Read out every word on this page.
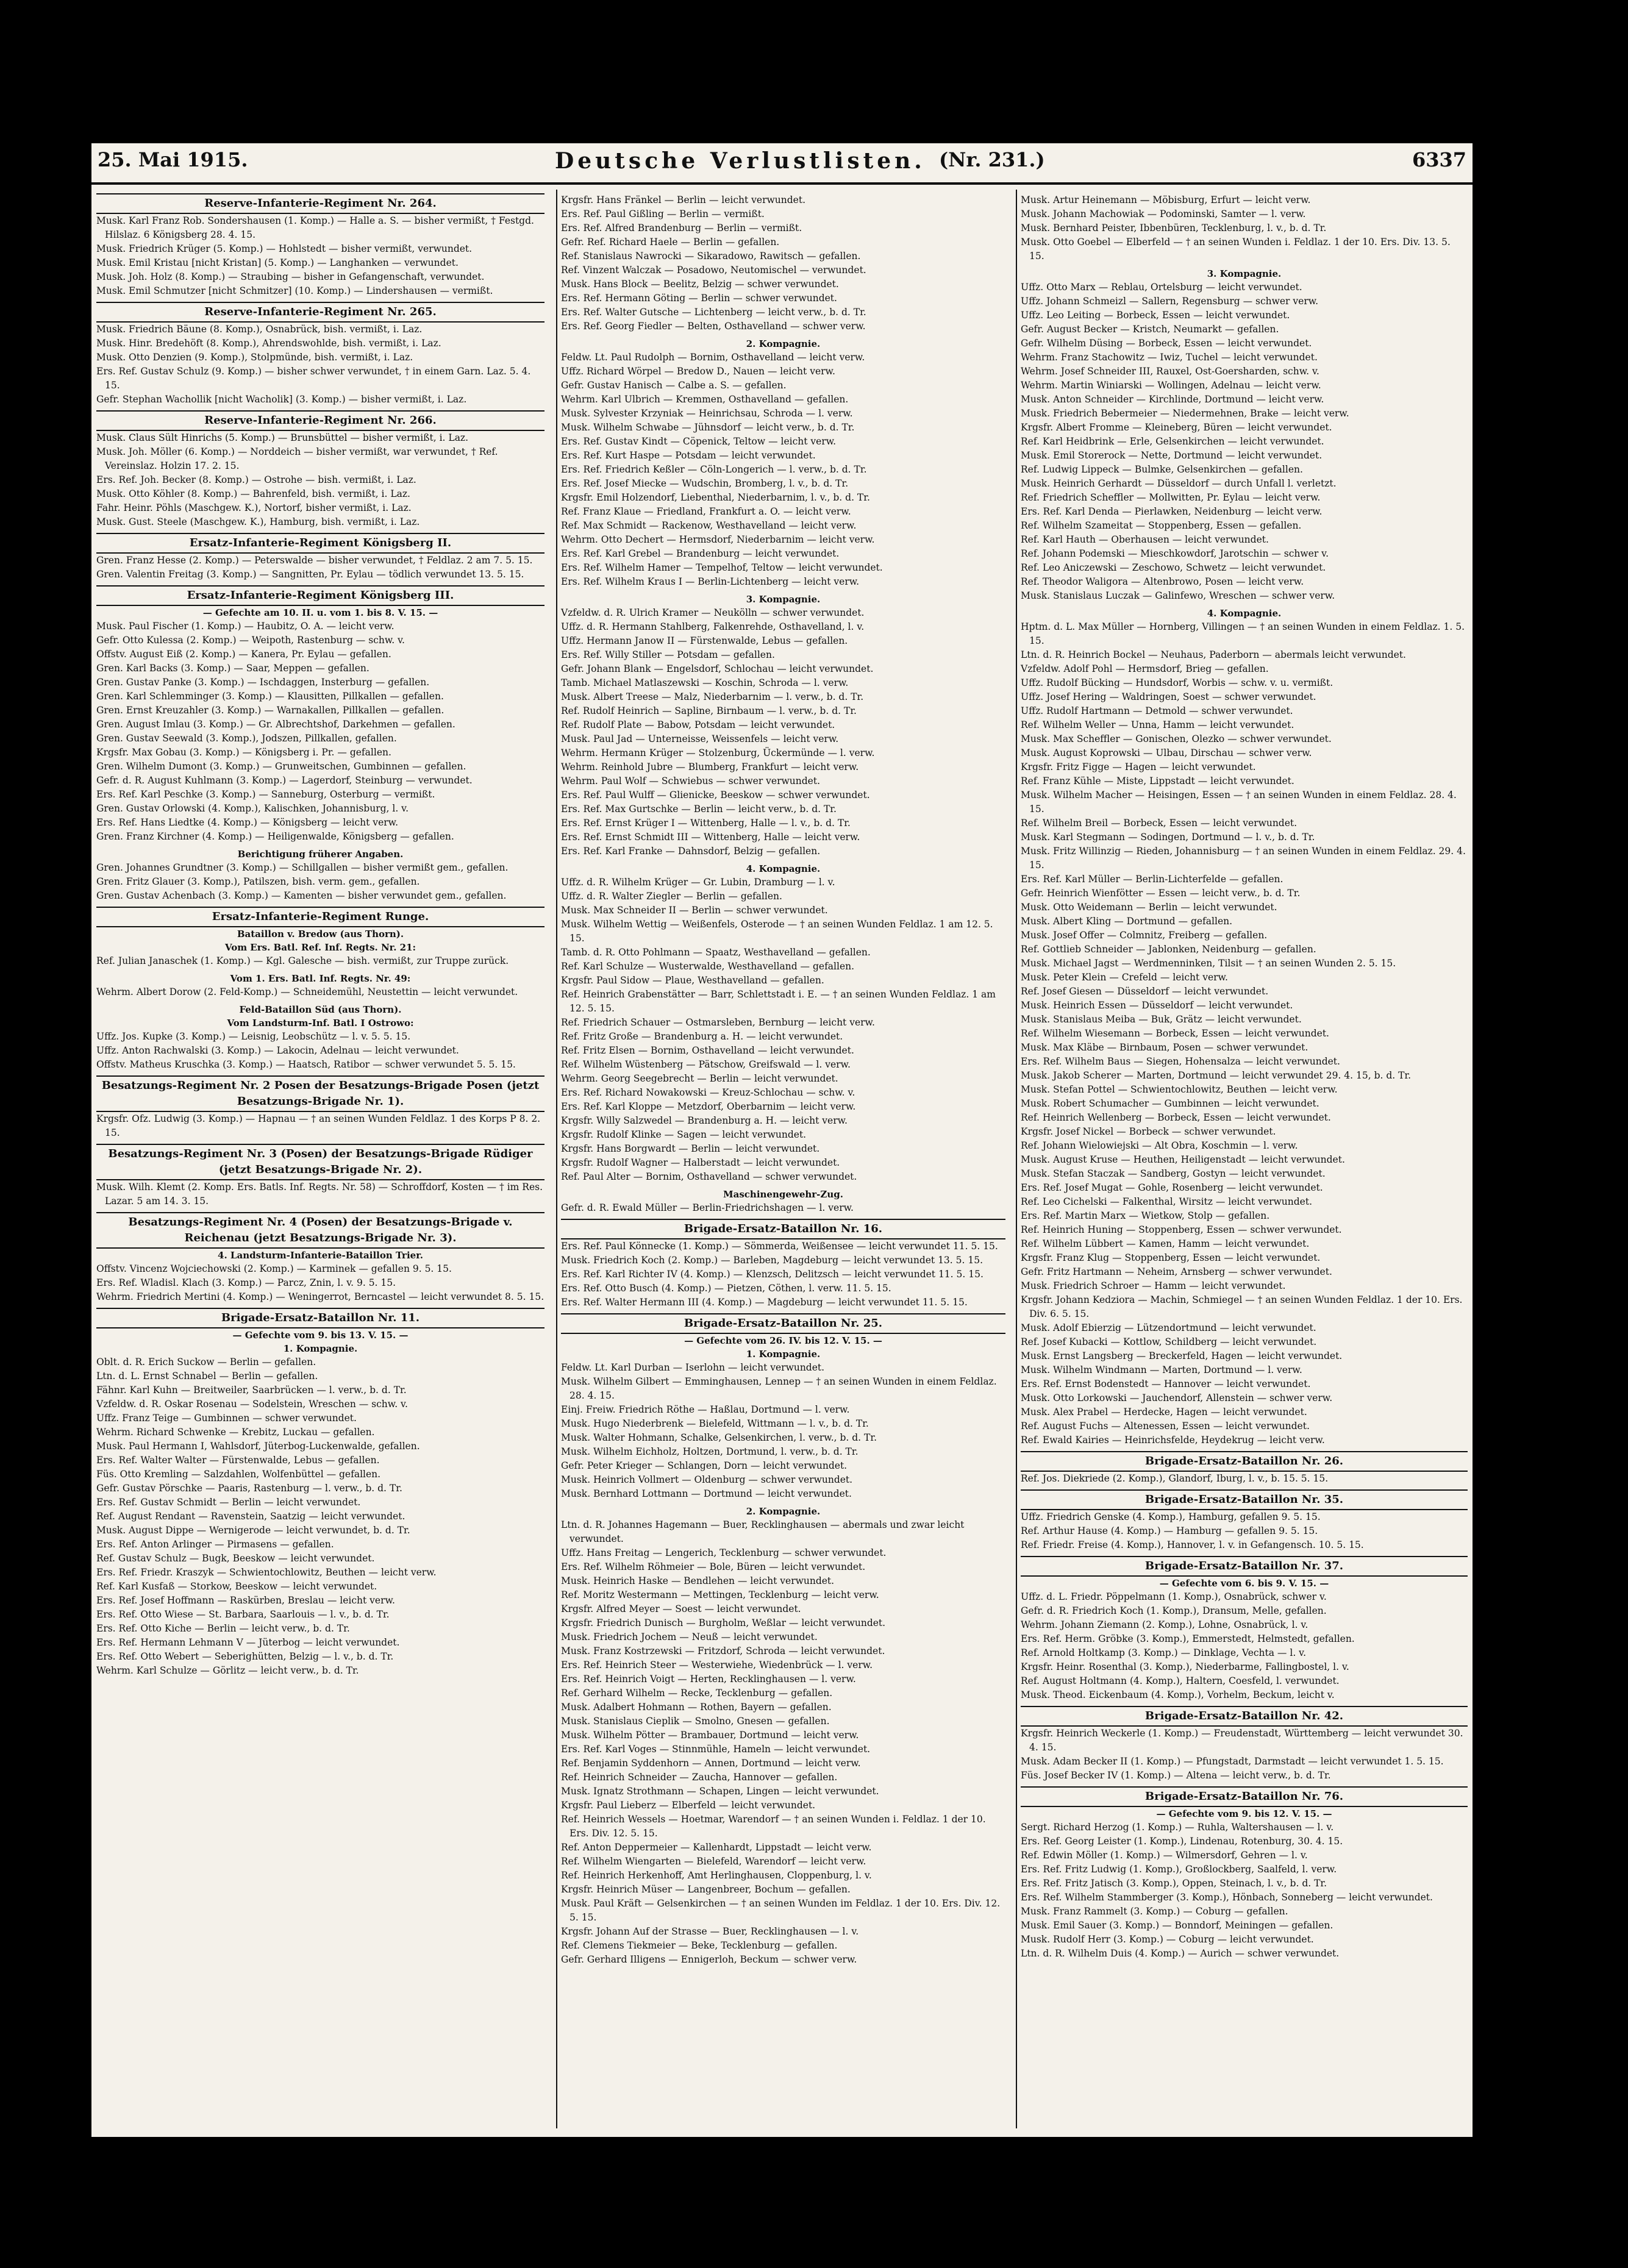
25. Mai 1915.	Deutsche Verlustlisten. (Nr. 231.)	6337
Reserve-Infanterie-Regiment Nr. 264.

Musk. Karl Franz Rob. Sondershausen (1. Komp.) — Halle a. S. — bisher vermißt, † Festgd. Hilslaz. 6 Königsberg 28. 4. 15.

Musk. Friedrich Krüger (5. Komp.) — Hohlstedt — bisher vermißt, verwundet.

Musk. Emil Kristau [nicht Kristan] (5. Komp.) — Langhanken — verwundet.

Musk. Joh. Holz (8. Komp.) — Straubing — bisher in Gefangenschaft, verwundet.

Musk. Emil Schmutzer [nicht Schmitzer] (10. Komp.) — Lindershausen — vermißt.

Reserve-Infanterie-Regiment Nr. 265.

Musk. Friedrich Bäune (8. Komp.), Osnabrück, bish. vermißt, i. Laz.

Musk. Hinr. Bredehöft (8. Komp.), Ahrendswohlde, bish. vermißt, i. Laz.

Musk. Otto Denzien (9. Komp.), Stolpmünde, bish. vermißt, i. Laz.

Ers. Ref. Gustav Schulz (9. Komp.) — bisher schwer verwundet, † in einem Garn. Laz. 5. 4. 15.

Gefr. Stephan Wachollik [nicht Wacholik] (3. Komp.) — bisher vermißt, i. Laz.

Reserve-Infanterie-Regiment Nr. 266.

Musk. Claus Sült Hinrichs (5. Komp.) — Brunsbüttel — bisher vermißt, i. Laz.

Musk. Joh. Möller (6. Komp.) — Norddeich — bisher vermißt, war verwundet, † Ref. Vereinslaz. Holzin 17. 2. 15.

Ers. Ref. Joh. Becker (8. Komp.) — Ostrohe — bish. vermißt, i. Laz.

Musk. Otto Köhler (8. Komp.) — Bahrenfeld, bish. vermißt, i. Laz.

Fahr. Heinr. Pöhls (Maschgew. K.), Nortorf, bisher vermißt, i. Laz.

Musk. Gust. Steele (Maschgew. K.), Hamburg, bish. vermißt, i. Laz.

Ersatz-Infanterie-Regiment Königsberg II.

Gren. Franz Hesse (2. Komp.) — Peterswalde — bisher verwundet, † Feldlaz. 2 am 7. 5. 15.

Gren. Valentin Freitag (3. Komp.) — Sangnitten, Pr. Eylau — tödlich verwundet 13. 5. 15.

Ersatz-Infanterie-Regiment Königsberg III.
— Gefechte am 10. II. u. vom 1. bis 8. V. 15. —

Musk. Paul Fischer (1. Komp.) — Haubitz, O. A. — leicht verw.

Gefr. Otto Kulessa (2. Komp.) — Weipoth, Rastenburg — schw. v.

Offstv. August Eiß (2. Komp.) — Kanera, Pr. Eylau — gefallen.

Gren. Karl Backs (3. Komp.) — Saar, Meppen — gefallen.

Gren. Gustav Panke (3. Komp.) — Ischdaggen, Insterburg — gefallen.

Gren. Karl Schlemminger (3. Komp.) — Klausitten, Pillkallen — gefallen.

Gren. Ernst Kreuzahler (3. Komp.) — Warnakallen, Pillkallen — gefallen.

Gren. August Imlau (3. Komp.) — Gr. Albrechtshof, Darkehmen — gefallen.

Gren. Gustav Seewald (3. Komp.), Jodszen, Pillkallen, gefallen.

Krgsfr. Max Gobau (3. Komp.) — Königsberg i. Pr. — gefallen.

Gren. Wilhelm Dumont (3. Komp.) — Grunweitschen, Gumbinnen — gefallen.

Gefr. d. R. August Kuhlmann (3. Komp.) — Lagerdorf, Steinburg — verwundet.

Ers. Ref. Karl Peschke (3. Komp.) — Sanneburg, Osterburg — vermißt.

Gren. Gustav Orlowski (4. Komp.), Kalischken, Johannisburg, l. v.

Ers. Ref. Hans Liedtke (4. Komp.) — Königsberg — leicht verw.

Gren. Franz Kirchner (4. Komp.) — Heiligenwalde, Königsberg — gefallen.

Berichtigung früherer Angaben.

Gren. Johannes Grundtner (3. Komp.) — Schillgallen — bisher vermißt gem., gefallen.

Gren. Fritz Glauer (3. Komp.), Patilszen, bish. verm. gem., gefallen.

Gren. Gustav Achenbach (3. Komp.) — Kamenten — bisher verwundet gem., gefallen.

Ersatz-Infanterie-Regiment Runge.
Bataillon v. Bredow (aus Thorn).
Vom Ers. Batl. Ref. Inf. Regts. Nr. 21:

Ref. Julian Janaschek (1. Komp.) — Kgl. Galesche — bish. vermißt, zur Truppe zurück.

Vom 1. Ers. Batl. Inf. Regts. Nr. 49:

Wehrm. Albert Dorow (2. Feld-Komp.) — Schneidemühl, Neustettin — leicht verwundet.

Feld-Bataillon Süd (aus Thorn).
Vom Landsturm-Inf. Batl. I Ostrowo:

Uffz. Jos. Kupke (3. Komp.) — Leisnig, Leobschütz — l. v. 5. 5. 15.

Uffz. Anton Rachwalski (3. Komp.) — Lakocin, Adelnau — leicht verwundet.

Offstv. Matheus Kruschka (3. Komp.) — Haatsch, Ratibor — schwer verwundet 5. 5. 15.

Besatzungs-Regiment Nr. 2 Posen der Besatzungs-Brigade Posen (jetzt Besatzungs-Brigade Nr. 1).

Krgsfr. Ofz. Ludwig (3. Komp.) — Hapnau — † an seinen Wunden Feldlaz. 1 des Korps P 8. 2. 15.

Besatzungs-Regiment Nr. 3 (Posen) der Besatzungs-Brigade Rüdiger (jetzt Besatzungs-Brigade Nr. 2).

Musk. Wilh. Klemt (2. Komp. Ers. Batls. Inf. Regts. Nr. 58) — Schroffdorf, Kosten — † im Res. Lazar. 5 am 14. 3. 15.

Besatzungs-Regiment Nr. 4 (Posen) der Besatzungs-Brigade v. Reichenau (jetzt Besatzungs-Brigade Nr. 3).
4. Landsturm-Infanterie-Bataillon Trier.

Offstv. Vincenz Wojciechowski (2. Komp.) — Karminek — gefallen 9. 5. 15.

Ers. Ref. Wladisl. Klach (3. Komp.) — Parcz, Znin, l. v. 9. 5. 15.

Wehrm. Friedrich Mertini (4. Komp.) — Weningerrot, Berncastel — leicht verwundet 8. 5. 15.

Brigade-Ersatz-Bataillon Nr. 11.
— Gefechte vom 9. bis 13. V. 15. —
1. Kompagnie.

Oblt. d. R. Erich Suckow — Berlin — gefallen.

Ltn. d. L. Ernst Schnabel — Berlin — gefallen.

Fähnr. Karl Kuhn — Breitweiler, Saarbrücken — l. verw., b. d. Tr.

Vzfeldw. d. R. Oskar Rosenau — Sodelstein, Wreschen — schw. v.

Uffz. Franz Teige — Gumbinnen — schwer verwundet.

Wehrm. Richard Schwenke — Krebitz, Luckau — gefallen.

Musk. Paul Hermann I, Wahlsdorf, Jüterbog-Luckenwalde, gefallen.

Ers. Ref. Walter Walter — Fürstenwalde, Lebus — gefallen.

Füs. Otto Kremling — Salzdahlen, Wolfenbüttel — gefallen.

Gefr. Gustav Pörschke — Paaris, Rastenburg — l. verw., b. d. Tr.

Ers. Ref. Gustav Schmidt — Berlin — leicht verwundet.

Ref. August Rendant — Ravenstein, Saatzig — leicht verwundet.

Musk. August Dippe — Wernigerode — leicht verwundet, b. d. Tr.

Ers. Ref. Anton Arlinger — Pirmasens — gefallen.

Ref. Gustav Schulz — Bugk, Beeskow — leicht verwundet.

Ers. Ref. Friedr. Kraszyk — Schwientochlowitz, Beuthen — leicht verw.

Ref. Karl Kusfaß — Storkow, Beeskow — leicht verwundet.

Ers. Ref. Josef Hoffmann — Raskürben, Breslau — leicht verw.

Ers. Ref. Otto Wiese — St. Barbara, Saarlouis — l. v., b. d. Tr.

Ers. Ref. Otto Kiche — Berlin — leicht verw., b. d. Tr.

Ers. Ref. Hermann Lehmann V — Jüterbog — leicht verwundet.

Ers. Ref. Otto Webert — Seberighütten, Belzig — l. v., b. d. Tr.

Wehrm. Karl Schulze — Görlitz — leicht verw., b. d. Tr.

Krgsfr. Hans Fränkel — Berlin — leicht verwundet.

Ers. Ref. Paul Gißling — Berlin — vermißt.

Ers. Ref. Alfred Brandenburg — Berlin — vermißt.

Gefr. Ref. Richard Haele — Berlin — gefallen.

Ref. Stanislaus Nawrocki — Sikaradowo, Rawitsch — gefallen.

Ref. Vinzent Walczak — Posadowo, Neutomischel — verwundet.

Musk. Hans Block — Beelitz, Belzig — schwer verwundet.

Ers. Ref. Hermann Göting — Berlin — schwer verwundet.

Ers. Ref. Walter Gutsche — Lichtenberg — leicht verw., b. d. Tr.

Ers. Ref. Georg Fiedler — Belten, Osthavelland — schwer verw.

2. Kompagnie.

Feldw. Lt. Paul Rudolph — Bornim, Osthavelland — leicht verw.

Uffz. Richard Wörpel — Bredow D., Nauen — leicht verw.

Gefr. Gustav Hanisch — Calbe a. S. — gefallen.

Wehrm. Karl Ulbrich — Kremmen, Osthavelland — gefallen.

Musk. Sylvester Krzyniak — Heinrichsau, Schroda — l. verw.

Musk. Wilhelm Schwabe — Jühnsdorf — leicht verw., b. d. Tr.

Ers. Ref. Gustav Kindt — Cöpenick, Teltow — leicht verw.

Ers. Ref. Kurt Haspe — Potsdam — leicht verwundet.

Ers. Ref. Friedrich Keßler — Cöln-Longerich — l. verw., b. d. Tr.

Ers. Ref. Josef Miecke — Wudschin, Bromberg, l. v., b. d. Tr.

Krgsfr. Emil Holzendorf, Liebenthal, Niederbarnim, l. v., b. d. Tr.

Ref. Franz Klaue — Friedland, Frankfurt a. O. — leicht verw.

Ref. Max Schmidt — Rackenow, Westhavelland — leicht verw.

Wehrm. Otto Dechert — Hermsdorf, Niederbarnim — leicht verw.

Ers. Ref. Karl Grebel — Brandenburg — leicht verwundet.

Ers. Ref. Wilhelm Hamer — Tempelhof, Teltow — leicht verwundet.

Ers. Ref. Wilhelm Kraus I — Berlin-Lichtenberg — leicht verw.

3. Kompagnie.

Vzfeldw. d. R. Ulrich Kramer — Neukölln — schwer verwundet.

Uffz. d. R. Hermann Stahlberg, Falkenrehde, Osthavelland, l. v.

Uffz. Hermann Janow II — Fürstenwalde, Lebus — gefallen.

Ers. Ref. Willy Stiller — Potsdam — gefallen.

Gefr. Johann Blank — Engelsdorf, Schlochau — leicht verwundet.

Tamb. Michael Matlaszewski — Koschin, Schroda — l. verw.

Musk. Albert Treese — Malz, Niederbarnim — l. verw., b. d. Tr.

Ref. Rudolf Heinrich — Sapline, Birnbaum — l. verw., b. d. Tr.

Ref. Rudolf Plate — Babow, Potsdam — leicht verwundet.

Musk. Paul Jad — Unterneisse, Weissenfels — leicht verw.

Wehrm. Hermann Krüger — Stolzenburg, Ückermünde — l. verw.

Wehrm. Reinhold Jubre — Blumberg, Frankfurt — leicht verw.

Wehrm. Paul Wolf — Schwiebus — schwer verwundet.

Ers. Ref. Paul Wulff — Glienicke, Beeskow — schwer verwundet.

Ers. Ref. Max Gurtschke — Berlin — leicht verw., b. d. Tr.

Ers. Ref. Ernst Krüger I — Wittenberg, Halle — l. v., b. d. Tr.

Ers. Ref. Ernst Schmidt III — Wittenberg, Halle — leicht verw.

Ers. Ref. Karl Franke — Dahnsdorf, Belzig — gefallen.

4. Kompagnie.

Uffz. d. R. Wilhelm Krüger — Gr. Lubin, Dramburg — l. v.

Uffz. d. R. Walter Ziegler — Berlin — gefallen.

Musk. Max Schneider II — Berlin — schwer verwundet.

Musk. Wilhelm Wettig — Weißenfels, Osterode — † an seinen Wunden Feldlaz. 1 am 12. 5. 15.

Tamb. d. R. Otto Pohlmann — Spaatz, Westhavelland — gefallen.

Ref. Karl Schulze — Wusterwalde, Westhavelland — gefallen.

Krgsfr. Paul Sidow — Plaue, Westhavelland — gefallen.

Ref. Heinrich Grabenstätter — Barr, Schlettstadt i. E. — † an seinen Wunden Feldlaz. 1 am 12. 5. 15.

Ref. Friedrich Schauer — Ostmarsleben, Bernburg — leicht verw.

Ref. Fritz Große — Brandenburg a. H. — leicht verwundet.

Ref. Fritz Elsen — Bornim, Osthavelland — leicht verwundet.

Ref. Wilhelm Wüstenberg — Pätschow, Greifswald — l. verw.

Wehrm. Georg Seegebrecht — Berlin — leicht verwundet.

Ers. Ref. Richard Nowakowski — Kreuz-Schlochau — schw. v.

Ers. Ref. Karl Kloppe — Metzdorf, Oberbarnim — leicht verw.

Krgsfr. Willy Salzwedel — Brandenburg a. H. — leicht verw.

Krgsfr. Rudolf Klinke — Sagen — leicht verwundet.

Krgsfr. Hans Borgwardt — Berlin — leicht verwundet.

Krgsfr. Rudolf Wagner — Halberstadt — leicht verwundet.

Ref. Paul Alter — Bornim, Osthavelland — schwer verwundet.

Maschinengewehr-Zug.

Gefr. d. R. Ewald Müller — Berlin-Friedrichshagen — l. verw.

Brigade-Ersatz-Bataillon Nr. 16.

Ers. Ref. Paul Könnecke (1. Komp.) — Sömmerda, Weißensee — leicht verwundet 11. 5. 15.

Musk. Friedrich Koch (2. Komp.) — Barleben, Magdeburg — leicht verwundet 13. 5. 15.

Ers. Ref. Karl Richter IV (4. Komp.) — Klenzsch, Delitzsch — leicht verwundet 11. 5. 15.

Ers. Ref. Otto Busch (4. Komp.) — Pietzen, Cöthen, l. verw. 11. 5. 15.

Ers. Ref. Walter Hermann III (4. Komp.) — Magdeburg — leicht verwundet 11. 5. 15.

Brigade-Ersatz-Bataillon Nr. 25.
— Gefechte vom 26. IV. bis 12. V. 15. —
1. Kompagnie.

Feldw. Lt. Karl Durban — Iserlohn — leicht verwundet.

Musk. Wilhelm Gilbert — Emminghausen, Lennep — † an seinen Wunden in einem Feldlaz. 28. 4. 15.

Einj. Freiw. Friedrich Röthe — Haßlau, Dortmund — l. verw.

Musk. Hugo Niederbrenk — Bielefeld, Wittmann — l. v., b. d. Tr.

Musk. Walter Hohmann, Schalke, Gelsenkirchen, l. verw., b. d. Tr.

Musk. Wilhelm Eichholz, Holtzen, Dortmund, l. verw., b. d. Tr.

Gefr. Peter Krieger — Schlangen, Dorn — leicht verwundet.

Musk. Heinrich Vollmert — Oldenburg — schwer verwundet.

Musk. Bernhard Lottmann — Dortmund — leicht verwundet.

2. Kompagnie.

Ltn. d. R. Johannes Hagemann — Buer, Recklinghausen — abermals und zwar leicht verwundet.

Uffz. Hans Freitag — Lengerich, Tecklenburg — schwer verwundet.

Ers. Ref. Wilhelm Röhmeier — Bole, Büren — leicht verwundet.

Musk. Heinrich Haske — Bendlehen — leicht verwundet.

Ref. Moritz Westermann — Mettingen, Tecklenburg — leicht verw.

Krgsfr. Alfred Meyer — Soest — leicht verwundet.

Krgsfr. Friedrich Dunisch — Burgholm, Weßlar — leicht verwundet.

Musk. Friedrich Jochem — Neuß — leicht verwundet.

Musk. Franz Kostrzewski — Fritzdorf, Schroda — leicht verwundet.

Ers. Ref. Heinrich Steer — Westerwiehe, Wiedenbrück — l. verw.

Ers. Ref. Heinrich Voigt — Herten, Recklinghausen — l. verw.

Ref. Gerhard Wilhelm — Recke, Tecklenburg — gefallen.

Musk. Adalbert Hohmann — Rothen, Bayern — gefallen.

Musk. Stanislaus Cieplik — Smolno, Gnesen — gefallen.

Musk. Wilhelm Pötter — Brambauer, Dortmund — leicht verw.

Ers. Ref. Karl Voges — Stinnmühle, Hameln — leicht verwundet.

Ref. Benjamin Syddenhorn — Annen, Dortmund — leicht verw.

Ref. Heinrich Schneider — Zaucha, Hannover — gefallen.

Musk. Ignatz Strothmann — Schapen, Lingen — leicht verwundet.

Krgsfr. Paul Lieberz — Elberfeld — leicht verwundet.

Ref. Heinrich Wessels — Hoetmar, Warendorf — † an seinen Wunden i. Feldlaz. 1 der 10. Ers. Div. 12. 5. 15.

Ref. Anton Deppermeier — Kallenhardt, Lippstadt — leicht verw.

Ref. Wilhelm Wiengarten — Bielefeld, Warendorf — leicht verw.

Ref. Heinrich Herkenhoff, Amt Herlinghausen, Cloppenburg, l. v.

Krgsfr. Heinrich Müser — Langenbreer, Bochum — gefallen.

Musk. Paul Kräft — Gelsenkirchen — † an seinen Wunden im Feldlaz. 1 der 10. Ers. Div. 12. 5. 15.

Krgsfr. Johann Auf der Strasse — Buer, Recklinghausen — l. v.

Ref. Clemens Tiekmeier — Beke, Tecklenburg — gefallen.

Gefr. Gerhard Illigens — Ennigerloh, Beckum — schwer verw.

Musk. Artur Heinemann — Möbisburg, Erfurt — leicht verw.

Musk. Johann Machowiak — Podominski, Samter — l. verw.

Musk. Bernhard Peister, Ibbenbüren, Tecklenburg, l. v., b. d. Tr.

Musk. Otto Goebel — Elberfeld — † an seinen Wunden i. Feldlaz. 1 der 10. Ers. Div. 13. 5. 15.

3. Kompagnie.

Uffz. Otto Marx — Reblau, Ortelsburg — leicht verwundet.

Uffz. Johann Schmeizl — Sallern, Regensburg — schwer verw.

Uffz. Leo Leiting — Borbeck, Essen — leicht verwundet.

Gefr. August Becker — Kristch, Neumarkt — gefallen.

Gefr. Wilhelm Düsing — Borbeck, Essen — leicht verwundet.

Wehrm. Franz Stachowitz — Iwiz, Tuchel — leicht verwundet.

Wehrm. Josef Schneider III, Rauxel, Ost-Goersharden, schw. v.

Wehrm. Martin Winiarski — Wollingen, Adelnau — leicht verw.

Musk. Anton Schneider — Kirchlinde, Dortmund — leicht verw.

Musk. Friedrich Bebermeier — Niedermehnen, Brake — leicht verw.

Krgsfr. Albert Fromme — Kleineberg, Büren — leicht verwundet.

Ref. Karl Heidbrink — Erle, Gelsenkirchen — leicht verwundet.

Musk. Emil Storerock — Nette, Dortmund — leicht verwundet.

Ref. Ludwig Lippeck — Bulmke, Gelsenkirchen — gefallen.

Musk. Heinrich Gerhardt — Düsseldorf — durch Unfall l. verletzt.

Ref. Friedrich Scheffler — Mollwitten, Pr. Eylau — leicht verw.

Ers. Ref. Karl Denda — Pierlawken, Neidenburg — leicht verw.

Ref. Wilhelm Szameitat — Stoppenberg, Essen — gefallen.

Ref. Karl Hauth — Oberhausen — leicht verwundet.

Ref. Johann Podemski — Mieschkowdorf, Jarotschin — schwer v.

Ref. Leo Aniczewski — Zeschowo, Schwetz — leicht verwundet.

Ref. Theodor Waligora — Altenbrowo, Posen — leicht verw.

Musk. Stanislaus Luczak — Galinfewo, Wreschen — schwer verw.

4. Kompagnie.

Hptm. d. L. Max Müller — Hornberg, Villingen — † an seinen Wunden in einem Feldlaz. 1. 5. 15.

Ltn. d. R. Heinrich Bockel — Neuhaus, Paderborn — abermals leicht verwundet.

Vzfeldw. Adolf Pohl — Hermsdorf, Brieg — gefallen.

Uffz. Rudolf Bücking — Hundsdorf, Worbis — schw. v. u. vermißt.

Uffz. Josef Hering — Waldringen, Soest — schwer verwundet.

Uffz. Rudolf Hartmann — Detmold — schwer verwundet.

Ref. Wilhelm Weller — Unna, Hamm — leicht verwundet.

Musk. Max Scheffler — Gonischen, Olezko — schwer verwundet.

Musk. August Koprowski — Ulbau, Dirschau — schwer verw.

Krgsfr. Fritz Figge — Hagen — leicht verwundet.

Ref. Franz Kühle — Miste, Lippstadt — leicht verwundet.

Musk. Wilhelm Macher — Heisingen, Essen — † an seinen Wunden in einem Feldlaz. 28. 4. 15.

Ref. Wilhelm Breil — Borbeck, Essen — leicht verwundet.

Musk. Karl Stegmann — Sodingen, Dortmund — l. v., b. d. Tr.

Musk. Fritz Willinzig — Rieden, Johannisburg — † an seinen Wunden in einem Feldlaz. 29. 4. 15.

Ers. Ref. Karl Müller — Berlin-Lichterfelde — gefallen.

Gefr. Heinrich Wienfötter — Essen — leicht verw., b. d. Tr.

Musk. Otto Weidemann — Berlin — leicht verwundet.

Musk. Albert Kling — Dortmund — gefallen.

Musk. Josef Offer — Colmnitz, Freiberg — gefallen.

Ref. Gottlieb Schneider — Jablonken, Neidenburg — gefallen.

Musk. Michael Jagst — Werdmenninken, Tilsit — † an seinen Wunden 2. 5. 15.

Musk. Peter Klein — Crefeld — leicht verw.

Ref. Josef Giesen — Düsseldorf — leicht verwundet.

Musk. Heinrich Essen — Düsseldorf — leicht verwundet.

Musk. Stanislaus Meiba — Buk, Grätz — leicht verwundet.

Ref. Wilhelm Wiesemann — Borbeck, Essen — leicht verwundet.

Musk. Max Kläbe — Birnbaum, Posen — schwer verwundet.

Ers. Ref. Wilhelm Baus — Siegen, Hohensalza — leicht verwundet.

Musk. Jakob Scherer — Marten, Dortmund — leicht verwundet 29. 4. 15, b. d. Tr.

Musk. Stefan Pottel — Schwientochlowitz, Beuthen — leicht verw.

Musk. Robert Schumacher — Gumbinnen — leicht verwundet.

Ref. Heinrich Wellenberg — Borbeck, Essen — leicht verwundet.

Krgsfr. Josef Nickel — Borbeck — schwer verwundet.

Ref. Johann Wielowiejski — Alt Obra, Koschmin — l. verw.

Musk. August Kruse — Heuthen, Heiligenstadt — leicht verwundet.

Musk. Stefan Staczak — Sandberg, Gostyn — leicht verwundet.

Ers. Ref. Josef Mugat — Gohle, Rosenberg — leicht verwundet.

Ref. Leo Cichelski — Falkenthal, Wirsitz — leicht verwundet.

Ers. Ref. Martin Marx — Wietkow, Stolp — gefallen.

Ref. Heinrich Huning — Stoppenberg, Essen — schwer verwundet.

Ref. Wilhelm Lübbert — Kamen, Hamm — leicht verwundet.

Krgsfr. Franz Klug — Stoppenberg, Essen — leicht verwundet.

Gefr. Fritz Hartmann — Neheim, Arnsberg — schwer verwundet.

Musk. Friedrich Schroer — Hamm — leicht verwundet.

Krgsfr. Johann Kedziora — Machin, Schmiegel — † an seinen Wunden Feldlaz. 1 der 10. Ers. Div. 6. 5. 15.

Musk. Adolf Ebierzig — Lützendortmund — leicht verwundet.

Ref. Josef Kubacki — Kottlow, Schildberg — leicht verwundet.

Musk. Ernst Langsberg — Breckerfeld, Hagen — leicht verwundet.

Musk. Wilhelm Windmann — Marten, Dortmund — l. verw.

Ers. Ref. Ernst Bodenstedt — Hannover — leicht verwundet.

Musk. Otto Lorkowski — Jauchendorf, Allenstein — schwer verw.

Musk. Alex Prabel — Herdecke, Hagen — leicht verwundet.

Ref. August Fuchs — Altenessen, Essen — leicht verwundet.

Ref. Ewald Kairies — Heinrichsfelde, Heydekrug — leicht verw.

Brigade-Ersatz-Bataillon Nr. 26.

Ref. Jos. Diekriede (2. Komp.), Glandorf, Iburg, l. v., b. 15. 5. 15.

Brigade-Ersatz-Bataillon Nr. 35.

Uffz. Friedrich Genske (4. Komp.), Hamburg, gefallen 9. 5. 15.

Ref. Arthur Hause (4. Komp.) — Hamburg — gefallen 9. 5. 15.

Ref. Friedr. Freise (4. Komp.), Hannover, l. v. in Gefangensch. 10. 5. 15.

Brigade-Ersatz-Bataillon Nr. 37.
— Gefechte vom 6. bis 9. V. 15. —

Uffz. d. L. Friedr. Pöppelmann (1. Komp.), Osnabrück, schwer v.

Gefr. d. R. Friedrich Koch (1. Komp.), Dransum, Melle, gefallen.

Wehrm. Johann Ziemann (2. Komp.), Lohne, Osnabrück, l. v.

Ers. Ref. Herm. Gröbke (3. Komp.), Emmerstedt, Helmstedt, gefallen.

Ref. Arnold Holtkamp (3. Komp.) — Dinklage, Vechta — l. v.

Krgsfr. Heinr. Rosenthal (3. Komp.), Niederbarme, Fallingbostel, l. v.

Ref. August Holtmann (4. Komp.), Haltern, Coesfeld, l. verwundet.

Musk. Theod. Eickenbaum (4. Komp.), Vorhelm, Beckum, leicht v.

Brigade-Ersatz-Bataillon Nr. 42.

Krgsfr. Heinrich Weckerle (1. Komp.) — Freudenstadt, Württemberg — leicht verwundet 30. 4. 15.

Musk. Adam Becker II (1. Komp.) — Pfungstadt, Darmstadt — leicht verwundet 1. 5. 15.

Füs. Josef Becker IV (1. Komp.) — Altena — leicht verw., b. d. Tr.

Brigade-Ersatz-Bataillon Nr. 76.
— Gefechte vom 9. bis 12. V. 15. —

Sergt. Richard Herzog (1. Komp.) — Ruhla, Waltershausen — l. v.

Ers. Ref. Georg Leister (1. Komp.), Lindenau, Rotenburg, 30. 4. 15.

Ref. Edwin Möller (1. Komp.) — Wilmersdorf, Gehren — l. v.

Ers. Ref. Fritz Ludwig (1. Komp.), Großlockberg, Saalfeld, l. verw.

Ers. Ref. Fritz Jatisch (3. Komp.), Oppen, Steinach, l. v., b. d. Tr.

Ers. Ref. Wilhelm Stammberger (3. Komp.), Hönbach, Sonneberg — leicht verwundet.

Musk. Franz Rammelt (3. Komp.) — Coburg — gefallen.

Musk. Emil Sauer (3. Komp.) — Bonndorf, Meiningen — gefallen.

Musk. Rudolf Herr (3. Komp.) — Coburg — leicht verwundet.

Ltn. d. R. Wilhelm Duis (4. Komp.) — Aurich — schwer verwundet.
